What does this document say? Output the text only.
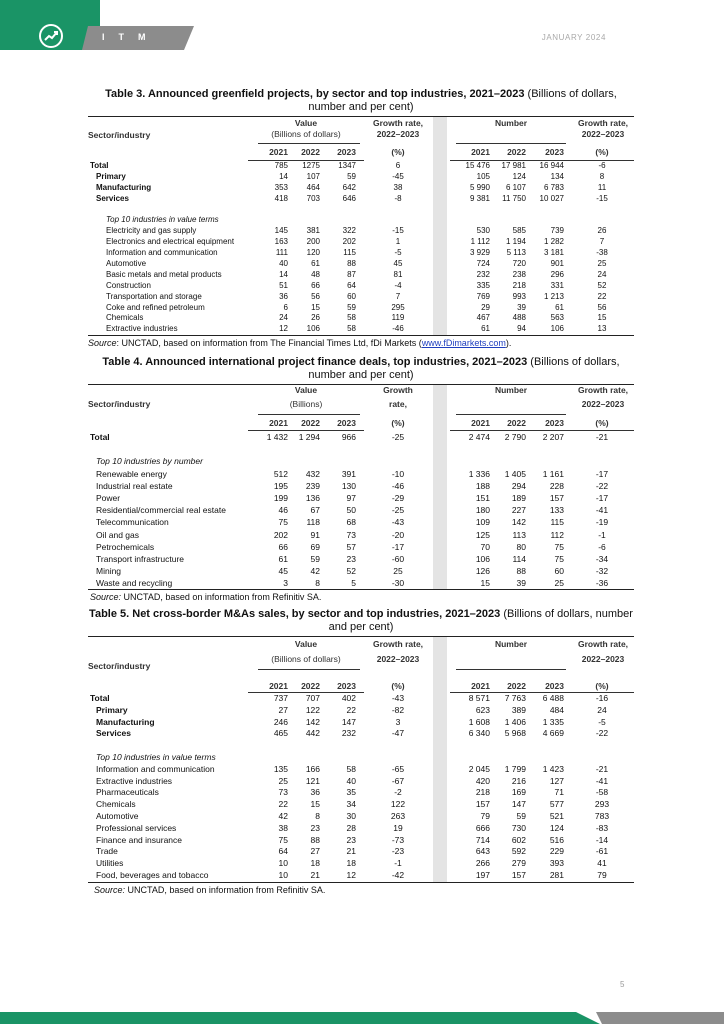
ITM	JANUARY 2024
Table 3. Announced greenfield projects, by sector and top industries, 2021–2023 (Billions of dollars, number and per cent)
Value
(Billions of dollars)
Growth rate,
2022–2023
Number	Growth rate,
2022–2023
Sector/industry
2021	2022	2023	(%)	2021	2022	2023	(%)
Total	785	1275	1347	6	15 476	17 981	16 944	-6
Primary	14	107	59	-45	105	124	134	8
Manufacturing	353	464	642	38	5 990	6 107	6 783	11
Services	418	703	646	-8	9 381	11 750	10 027	-15
Top 10 industries in value terms
Electricity and gas supply	145	381	322	-15	530	585	739	26
Electronics and electrical equipment	163	200	202	1	1 112	1 194	1 282	7
Information and communication	111	120	115	-5	3 929	5 113	3 181	-38
Automotive	40	61	88	45	724	720	901	25
Basic metals and metal products	14	48	87	81	232	238	296	24
Construction	51	66	64	-4	335	218	331	52
Transportation and storage	36	56	60	7	769	993	1 213	22
Coke and refined petroleum	6	15	59	295	29	39	61	56
Chemicals	24	26	58	119	467	488	563	15
Extractive industries	12	106	58	-46	61	94	106	13
Source: UNCTAD, based on information from The Financial Times Ltd, fDi Markets (www.fDimarkets.com).
Table 4. Announced international project finance deals, top industries, 2021–2023 (Billions of dollars, number and per cent)
Value
(Billions)
Growth
rate,
Number	Growth rate,
2022–2023
Sector/industry
2021	2022	2023	(%)	2021	2022	2023	(%)
Total	1 432	1 294	966	-25	2 474	2 790	2 207	-21
Top 10 industries by number
Renewable energy	512	432	391	-10	1 336	1 405	1 161	-17
Industrial real estate	195	239	130	-46	188	294	228	-22
Power	199	136	97	-29	151	189	157	-17
Residential/commercial real estate	46	67	50	-25	180	227	133	-41
Telecommunication	75	118	68	-43	109	142	115	-19
Oil and gas	202	91	73	-20	125	113	112	-1
Petrochemicals	66	69	57	-17	70	80	75	-6
Transport infrastructure	61	59	23	-60	106	114	75	-34
Mining	45	42	52	25	126	88	60	-32
Waste and recycling	3	8	5	-30	15	39	25	-36
Source: UNCTAD, based on information from Refinitiv SA.
Table 5. Net cross-border M&As sales, by sector and top industries, 2021–2023 (Billions of dollars, number and per cent)
Value
(Billions of dollars)
Growth rate,
2022–2023
Number	Growth rate,
2022–2023
Sector/industry
2021	2022	2023	(%)	2021	2022	2023	(%)
Total	737	707	402	-43	8 571	7 763	6 488	-16
Primary	27	122	22	-82	623	389	484	24
Manufacturing	246	142	147	3	1 608	1 406	1 335	-5
Services	465	442	232	-47	6 340	5 968	4 669	-22
Top 10 industries in value terms
Information and communication	135	166	58	-65	2 045	1 799	1 423	-21
Extractive industries	25	121	40	-67	420	216	127	-41
Pharmaceuticals	73	36	35	-2	218	169	71	-58
Chemicals	22	15	34	122	157	147	577	293
Automotive	42	8	30	263	79	59	521	783
Professional services	38	23	28	19	666	730	124	-83
Finance and insurance	75	88	23	-73	714	602	516	-14
Trade	64	27	21	-23	643	592	229	-61
Utilities	10	18	18	-1	266	279	393	41
Food, beverages and tobacco	10	21	12	-42	197	157	281	79
Source: UNCTAD, based on information from Refinitiv SA.
5
